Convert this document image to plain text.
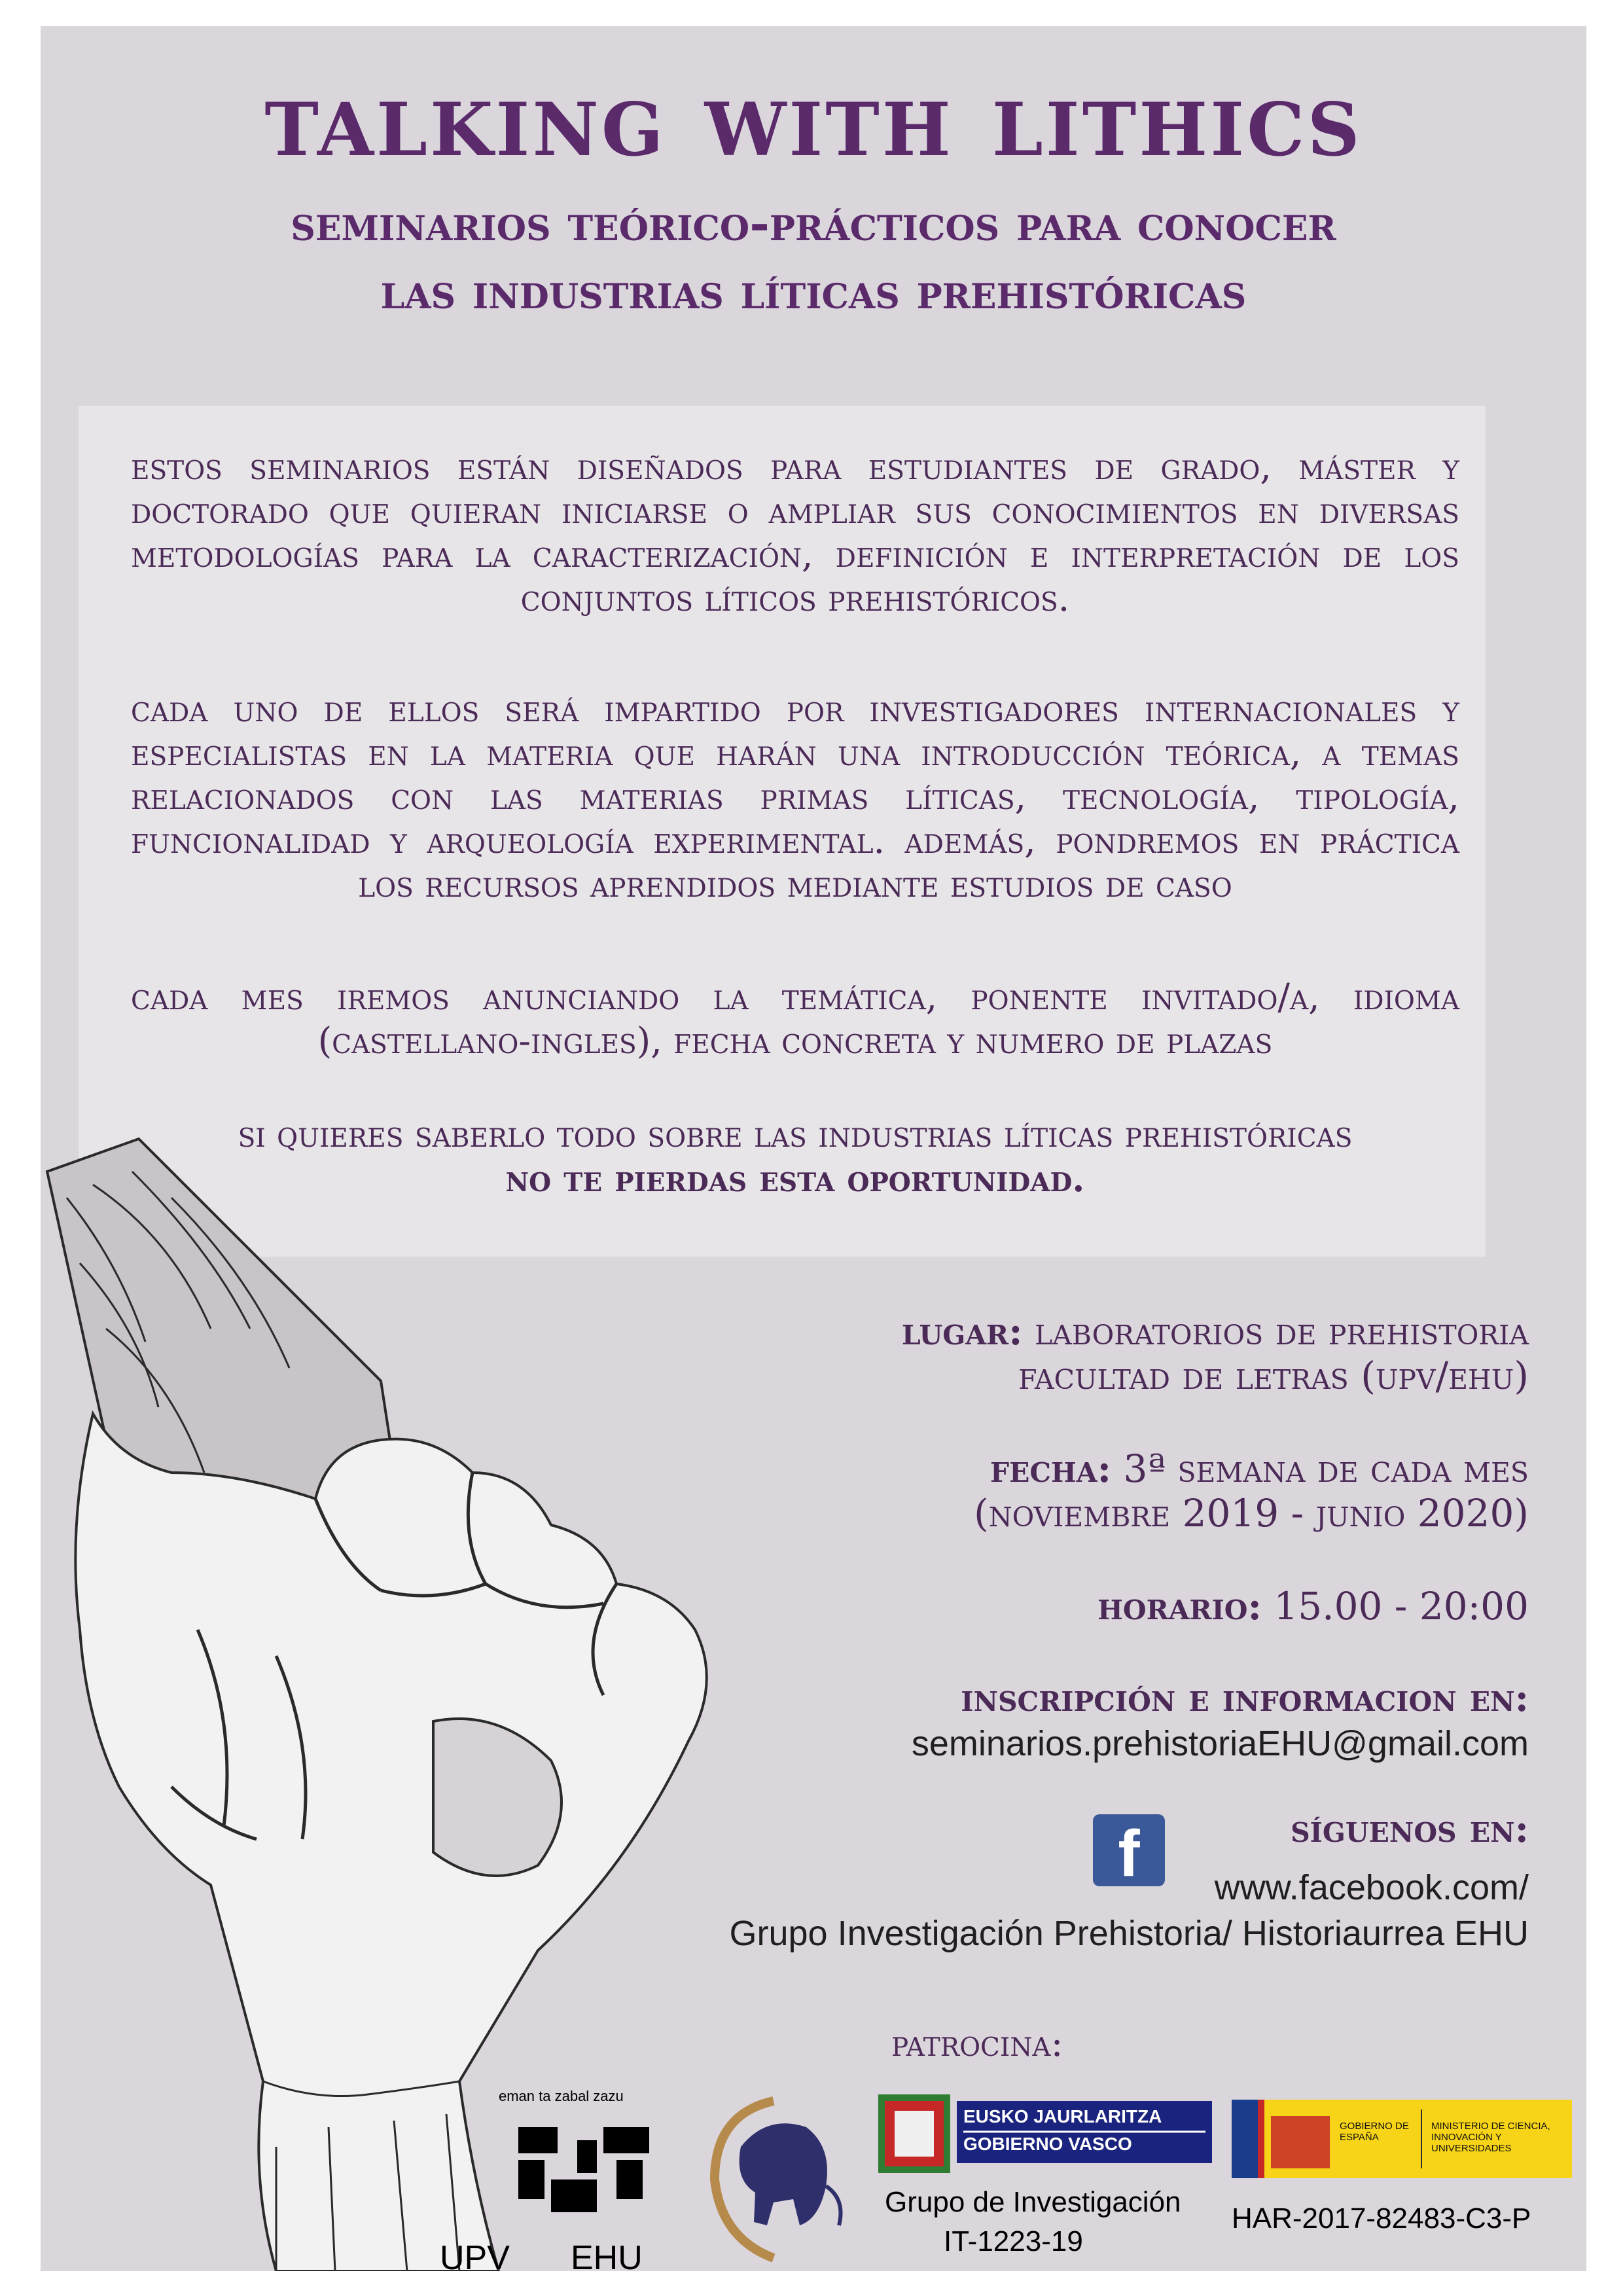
talking with lithics
seminarios teórico-prácticos para conocer
las industrias líticas prehistóricas

estos seminarios están diseñados para estudiantes de grado, máster y doctorado que quieran iniciarse o ampliar sus conocimientos en diversas metodologías para la caracterización, definición e interpretación de los conjuntos líticos prehistóricos.

cada uno de ellos será impartido por investigadores internacionales y especialistas en la materia que harán una introducción teórica, a temas relacionados con las materias primas líticas, tecnología, tipología, funcionalidad y arqueología experimental. además, pondremos en práctica los recursos aprendidos mediante estudios de caso

cada mes iremos anunciando la temática, ponente invitado/a, idioma (castellano-ingles), fecha concreta y numero de plazas

si quieres saberlo todo sobre las industrias líticas prehistóricas
no te pierdas esta oportunidad.

lugar: laboratorios de prehistoria
facultad de letras (upv/ehu)
fecha: 3ª semana de cada mes
(noviembre 2019 - junio 2020)
horario: 15.00 - 20:00
inscripción e informacion en:
seminarios.prehistoriaEHU@gmail.com
síguenos en:
f	www.facebook.com/
Grupo Investigación Prehistoria/ Historiaurrea EHU

patrocina:

eman ta zabal zazu
UPV EHU
EUSKO JAURLARITZA
GOBIERNO VASCO
Grupo de Investigación
IT-1223-19
GOBIERNO DE ESPAÑA
MINISTERIO DE CIENCIA, INNOVACIÓN Y UNIVERSIDADES
HAR-2017-82483-C3-P
